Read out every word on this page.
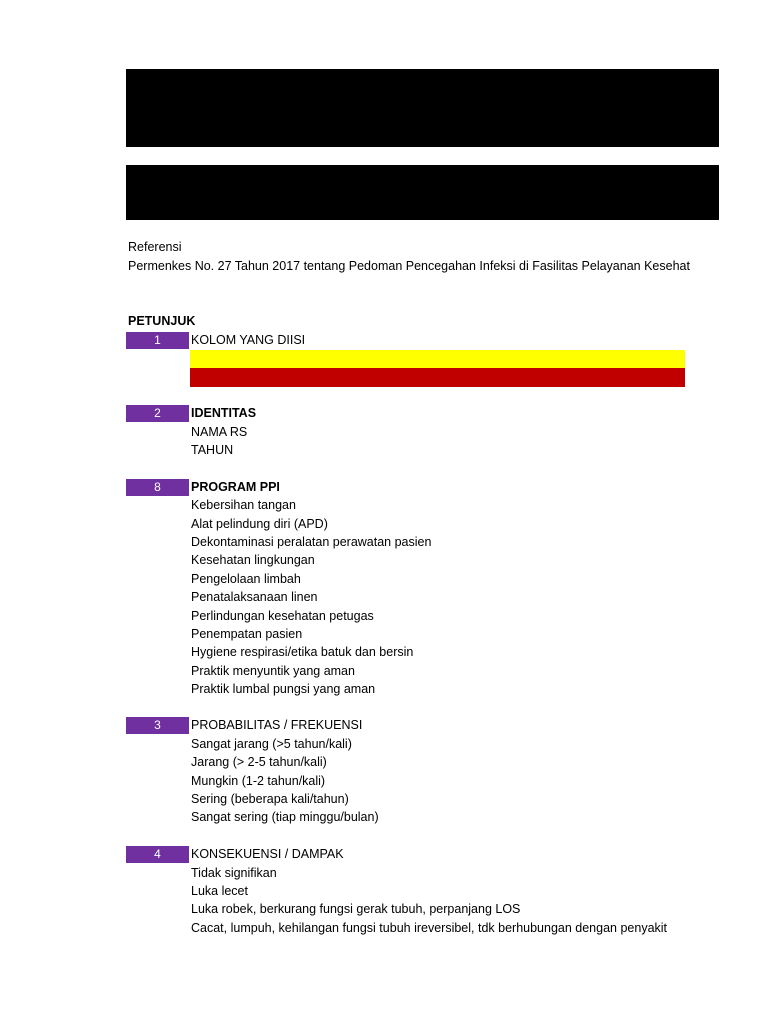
Referensi
Permenkes No. 27 Tahun 2017 tentang Pedoman Pencegahan Infeksi di Fasilitas Pelayanan Kesehat
PETUNJUK
1	KOLOM YANG DIISI
2	IDENTITAS
NAMA RS
TAHUN
8	PROGRAM PPI
Kebersihan tangan
Alat pelindung diri (APD)
Dekontaminasi peralatan perawatan pasien
Kesehatan lingkungan
Pengelolaan limbah
Penatalaksanaan linen
Perlindungan kesehatan petugas
Penempatan pasien
Hygiene respirasi/etika batuk dan bersin
Praktik menyuntik yang aman
Praktik lumbal pungsi yang aman
3	PROBABILITAS / FREKUENSI
Sangat jarang (>5 tahun/kali)
Jarang (> 2-5 tahun/kali)
Mungkin (1-2 tahun/kali)
Sering (beberapa kali/tahun)
Sangat sering (tiap minggu/bulan)
4	KONSEKUENSI / DAMPAK
Tidak signifikan
Luka lecet
Luka robek, berkurang fungsi gerak tubuh, perpanjang LOS
Cacat, lumpuh, kehilangan fungsi tubuh ireversibel, tdk berhubungan dengan penyakit
